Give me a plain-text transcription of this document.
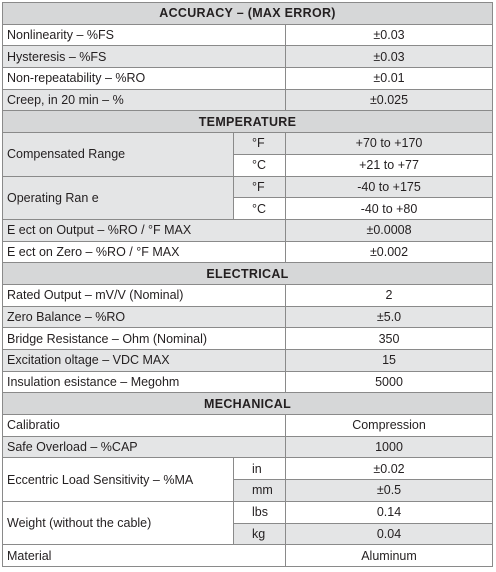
ACCURACY – (MAX ERROR)		
Nonlinearity – %FS		±0.03
Hysteresis – %FS		±0.03
Non-repeatability – %RO		±0.01
Creep, in 20 min – %		±0.025
TEMPERATURE		
Compensated Range	°F	+70 to +170
	°C	+21 to +77
Operating Ran e	°F	-40 to +175
	°C	-40 to +80
E ect on Output – %RO / °F MAX		±0.0008
E ect on Zero – %RO / °F MAX		±0.002
ELECTRICAL		
Rated Output – mV/V (Nominal)		2
Zero Balance – %RO		±5.0
Bridge Resistance – Ohm (Nominal)		350
Excitation oltage – VDC MAX		15
Insulation esistance – Megohm		5000
MECHANICAL		
Calibratio		Compression
Safe Overload – %CAP		1000
Eccentric Load Sensitivity – %MA	in	±0.02
	mm	±0.5
Weight (without the cable)	lbs	0.14
	kg	0.04
Material		Aluminum
